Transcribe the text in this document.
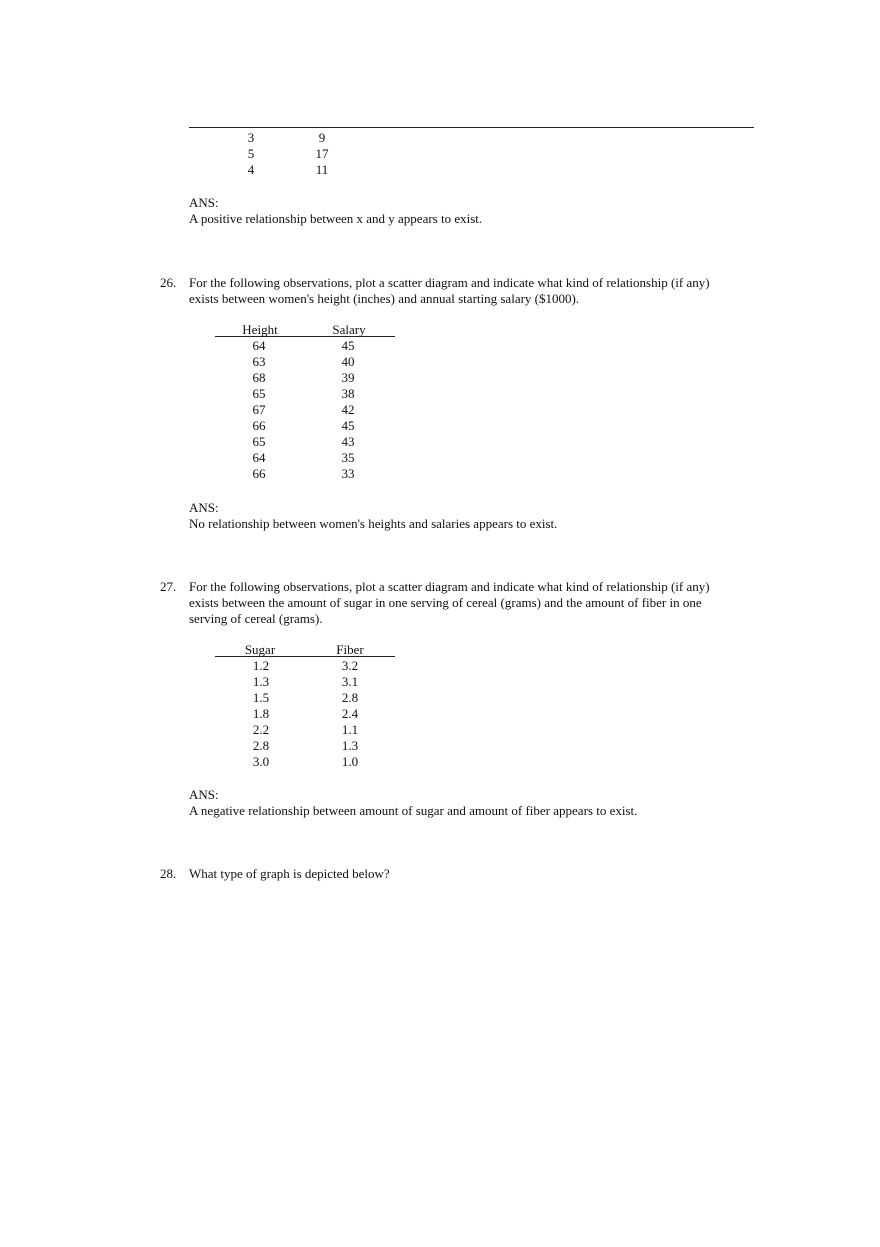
3	9
5	17
4	11
ANS:
A positive relationship between x and y appears to exist.
26. For the following observations, plot a scatter diagram and indicate what kind of relationship (if any)
exists between women's height (inches) and annual starting salary ($1000).
Height	Salary
64	45
63	40
68	39
65	38
67	42
66	45
65	43
64	35
66	33
ANS:
No relationship between women's heights and salaries appears to exist.
27. For the following observations, plot a scatter diagram and indicate what kind of relationship (if any)
exists between the amount of sugar in one serving of cereal (grams) and the amount of fiber in one
serving of cereal (grams).
Sugar	Fiber
1.2	3.2
1.3	3.1
1.5	2.8
1.8	2.4
2.2	1.1
2.8	1.3
3.0	1.0
ANS:
A negative relationship between amount of sugar and amount of fiber appears to exist.
28. What type of graph is depicted below?
